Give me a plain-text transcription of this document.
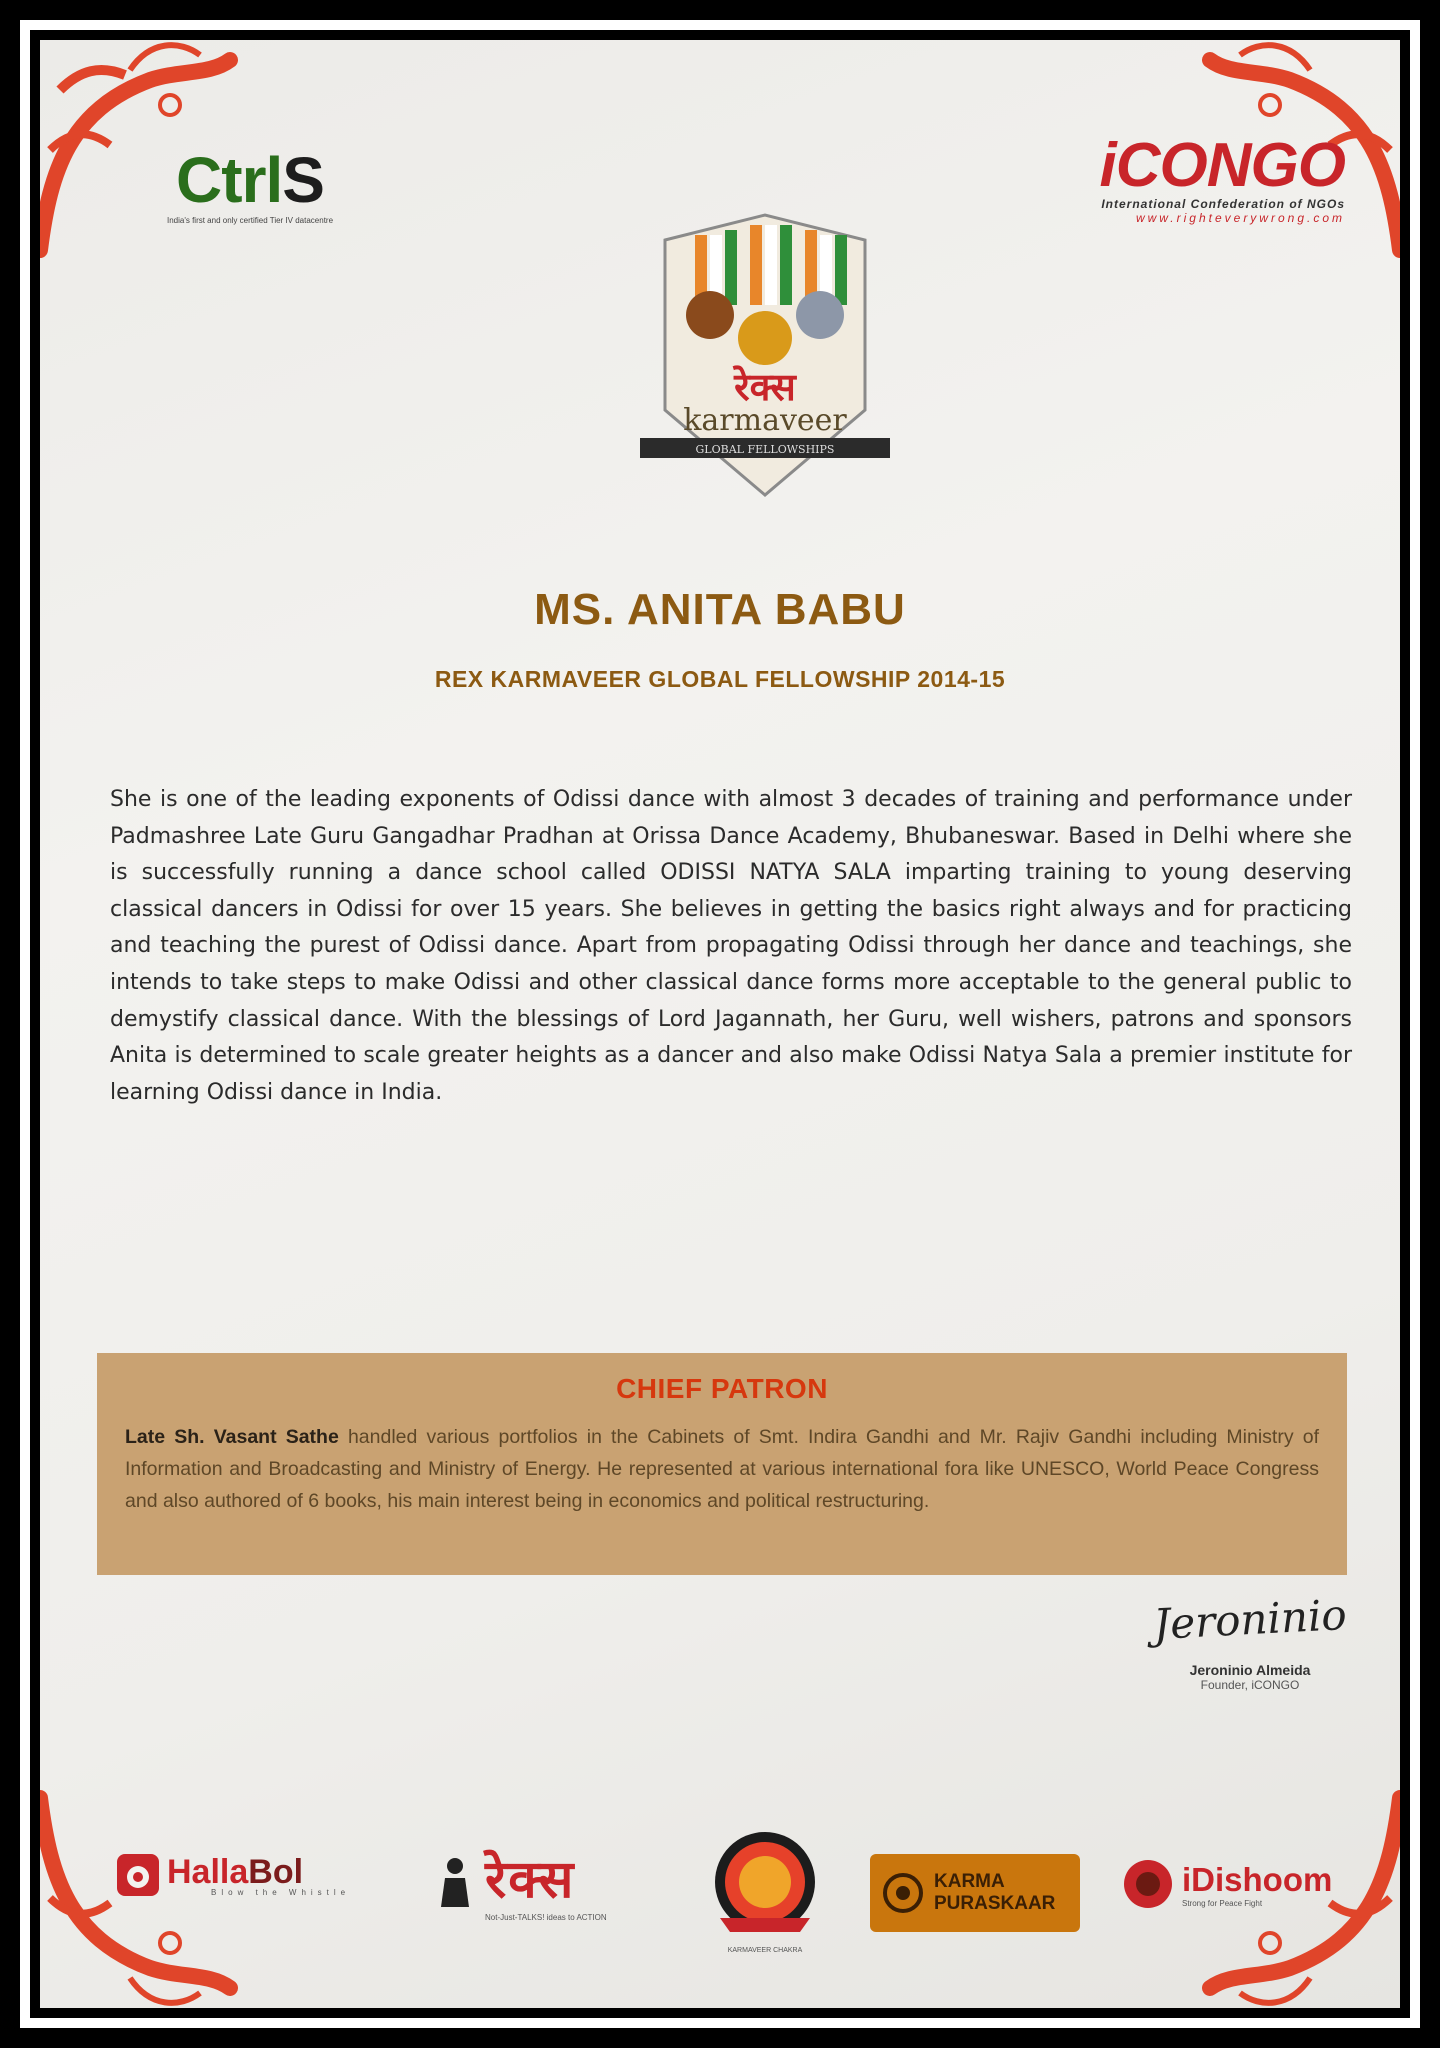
CtrlS
India's first and only certified Tier IV datacentre
iCONGO
International Confederation of NGOs
www.righteverywrong.com
रेक्स
karmaveer
GLOBAL FELLOWSHIPS
MS. ANITA BABU
REX KARMAVEER GLOBAL FELLOWSHIP 2014-15
She is one of the leading exponents of Odissi dance with almost 3 decades of training and performance under Padmashree Late Guru Gangadhar Pradhan at Orissa Dance Academy, Bhubaneswar. Based in Delhi where she is successfully running a dance school called ODISSI NATYA SALA imparting training to young deserving classical dancers in Odissi for over 15 years. She believes in getting the basics right always and for practicing and teaching the purest of Odissi dance. Apart from propagating Odissi through her dance and teachings, she intends to take steps to make Odissi and other classical dance forms more acceptable to the general public to demystify classical dance. With the blessings of Lord Jagannath, her Guru, well wishers, patrons and sponsors Anita is determined to scale greater heights as a dancer and also make Odissi Natya Sala a premier institute for learning Odissi dance in India.
CHIEF PATRON
Late Sh. Vasant Sathe handled various portfolios in the Cabinets of Smt. Indira Gandhi and Mr. Rajiv Gandhi including Ministry of Information and Broadcasting and Ministry of Energy. He represented at various international fora like UNESCO, World Peace Congress and also authored of 6 books, his main interest being in economics and political restructuring.
Jeroninio
Jeroninio Almeida
Founder, iCONGO
HallaBol
Blow the Whistle	रेक्स
Not-Just-TALKS! ideas to ACTION
KARMAVEER CHAKRA
KARMA
PURASKAAR
iDishoom
Strong for Peace Fight
